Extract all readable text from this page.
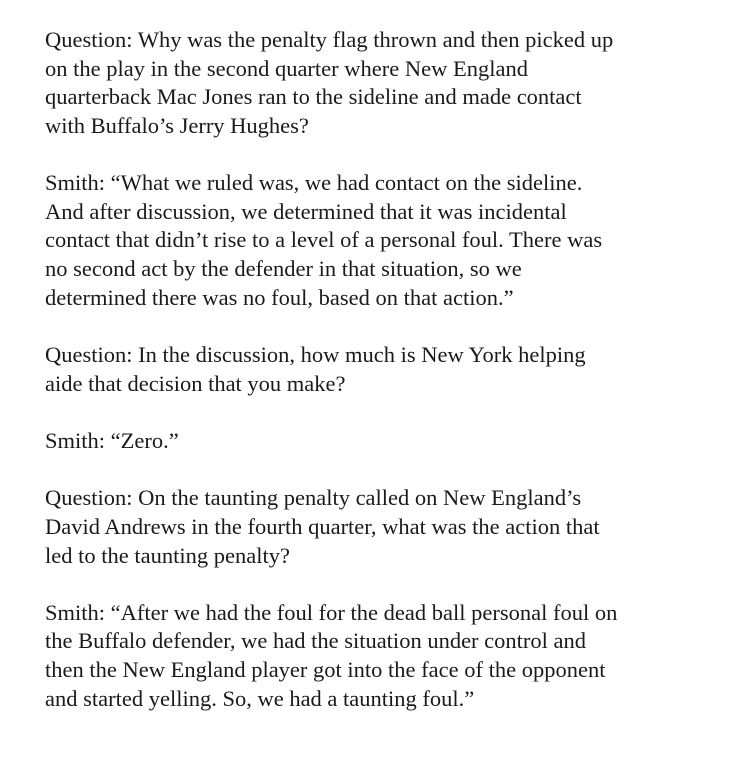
Question: Why was the penalty flag thrown and then picked up
on the play in the second quarter where New England
quarterback Mac Jones ran to the sideline and made contact
with Buffalo’s Jerry Hughes?

Smith: “What we ruled was, we had contact on the sideline.
And after discussion, we determined that it was incidental
contact that didn’t rise to a level of a personal foul. There was
no second act by the defender in that situation, so we
determined there was no foul, based on that action.”

Question: In the discussion, how much is New York helping
aide that decision that you make?

Smith: “Zero.”

Question: On the taunting penalty called on New England’s
David Andrews in the fourth quarter, what was the action that
led to the taunting penalty?

Smith: “After we had the foul for the dead ball personal foul on
the Buffalo defender, we had the situation under control and
then the New England player got into the face of the opponent
and started yelling. So, we had a taunting foul.”
